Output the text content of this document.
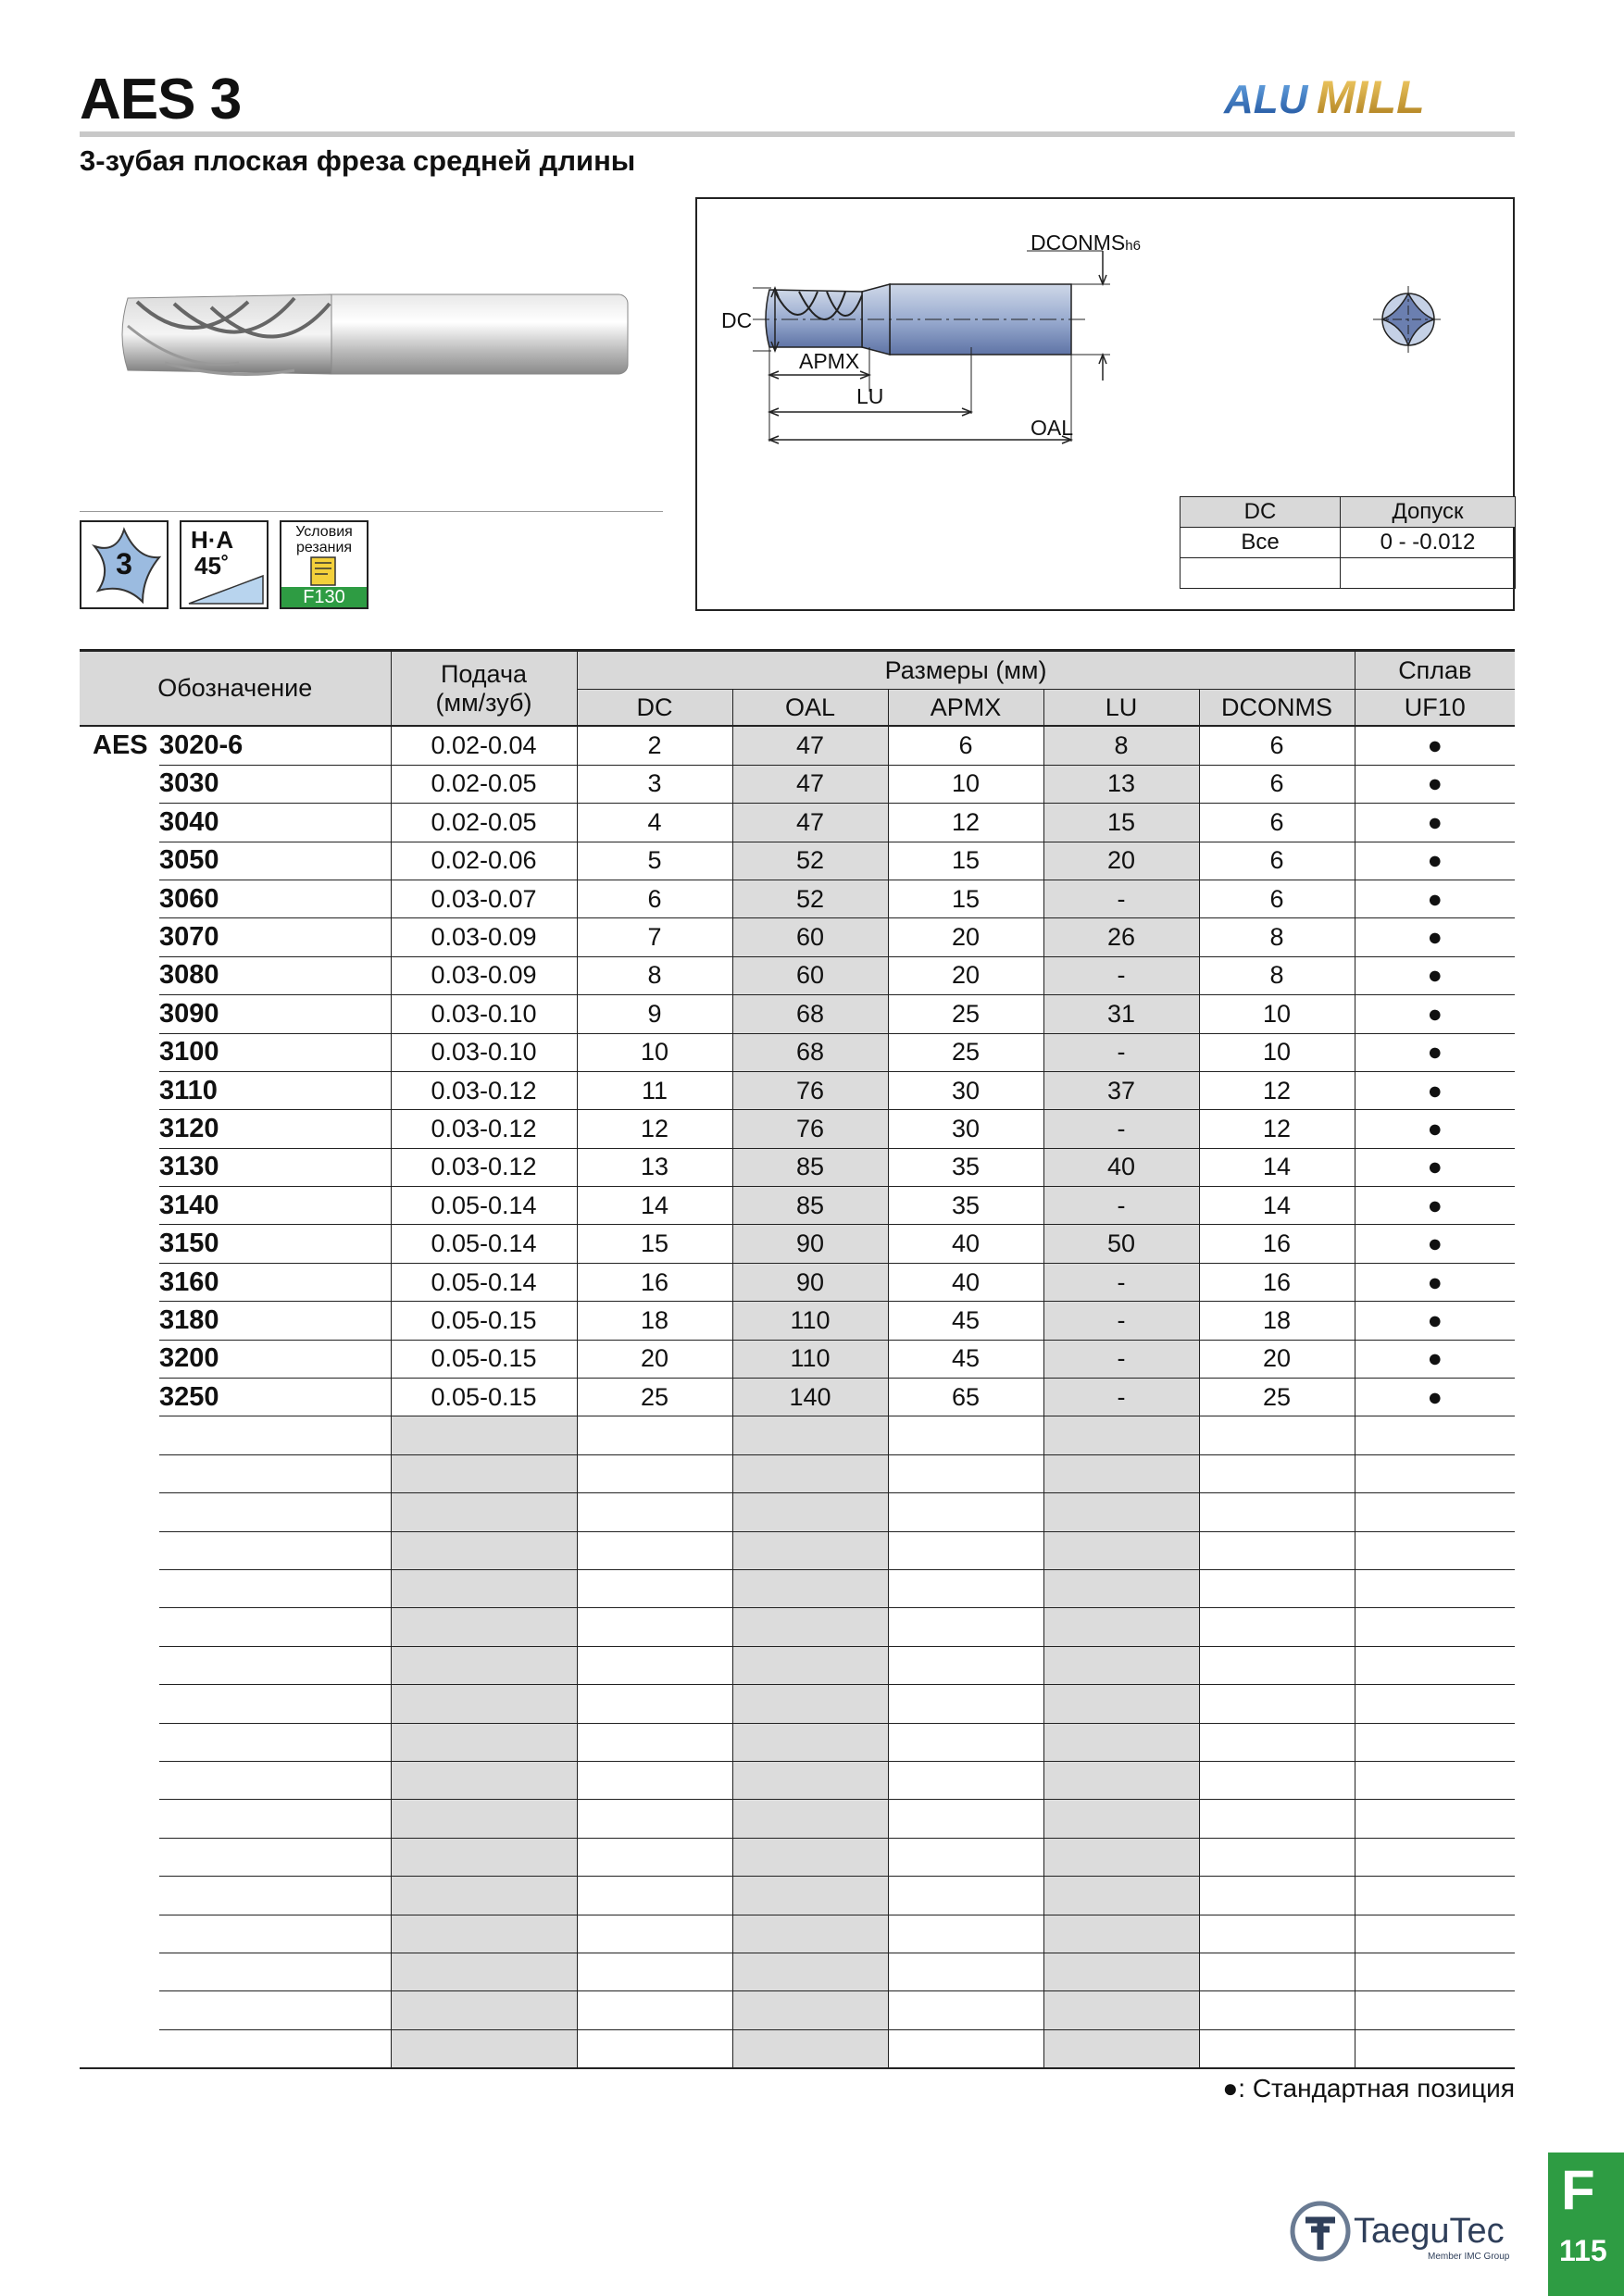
AES 3
3-зубая плоская фреза средней длины
ALU MILL
3
H·A
45˚
Условия
резания
F130
DCONMSh6
DC
APMX
LU
OAL
DC	Допуск
Все	0 - -0.012

Обозначение		Подача
(мм/зуб)	Размеры (мм)					Сплав
			DC	OAL	APMX	LU	DCONMS	UF10
AES	3020-6	0.02-0.04	2	47	6	8	6	●
	3030	0.02-0.05	3	47	10	13	6	●
	3040	0.02-0.05	4	47	12	15	6	●
	3050	0.02-0.06	5	52	15	20	6	●
	3060	0.03-0.07	6	52	15	-	6	●
	3070	0.03-0.09	7	60	20	26	8	●
	3080	0.03-0.09	8	60	20	-	8	●
	3090	0.03-0.10	9	68	25	31	10	●
	3100	0.03-0.10	10	68	25	-	10	●
	3110	0.03-0.12	11	76	30	37	12	●
	3120	0.03-0.12	12	76	30	-	12	●
	3130	0.03-0.12	13	85	35	40	14	●
	3140	0.05-0.14	14	85	35	-	14	●
	3150	0.05-0.14	15	90	40	50	16	●
	3160	0.05-0.14	16	90	40	-	16	●
	3180	0.05-0.15	18	110	45	-	18	●
	3200	0.05-0.15	20	110	45	-	20	●
	3250	0.05-0.15	25	140	65	-	25	●

●: Стандартная позиция
TaeguTec
Member IMC Group
F
115
